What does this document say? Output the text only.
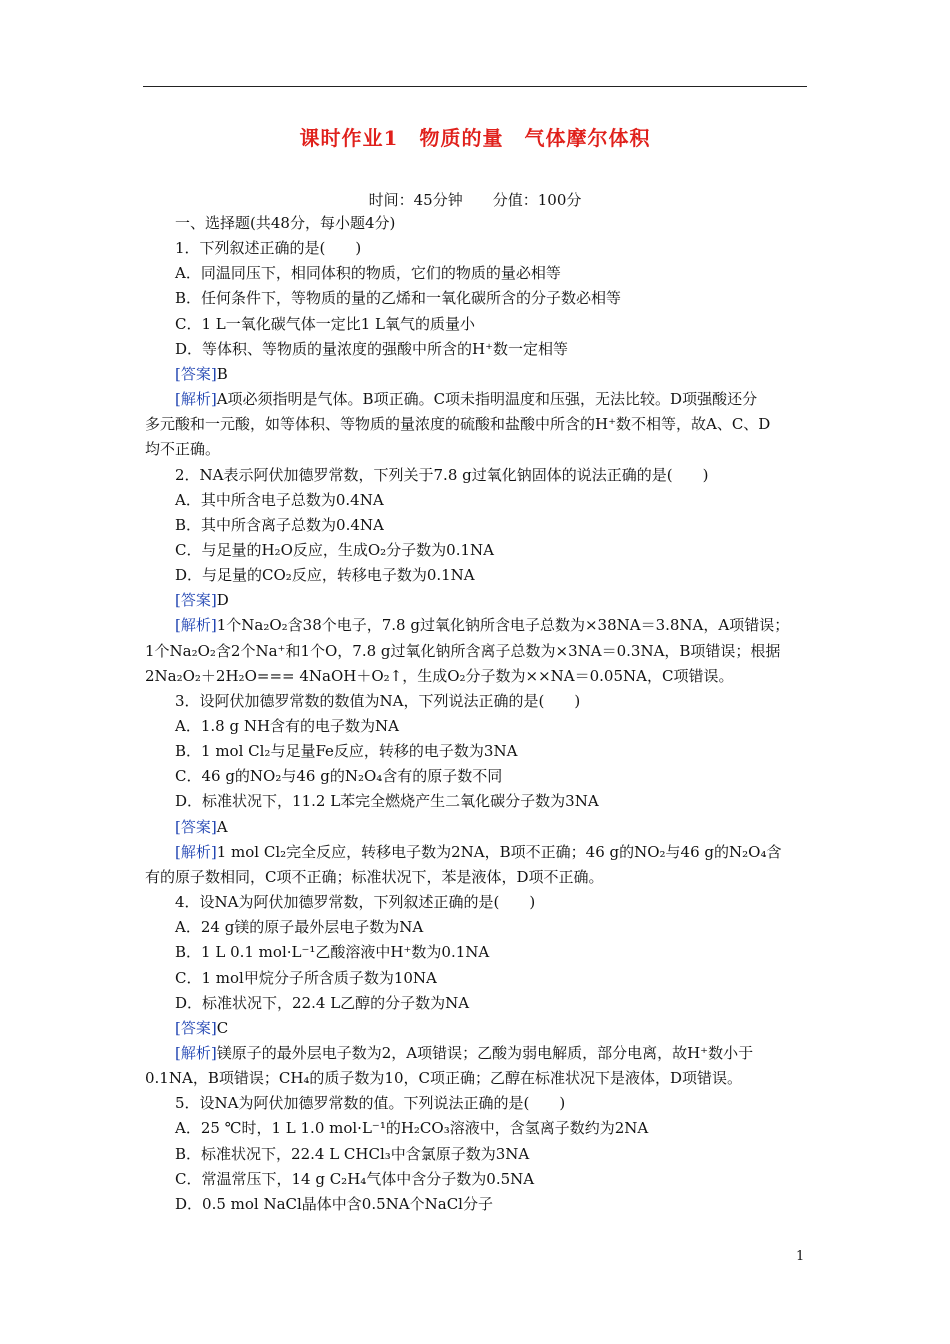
课时作业1　物质的量　气体摩尔体积
时间：45分钟　　分值：100分
一、选择题(共48分，每小题4分)
1．下列叙述正确的是(　　)
A．同温同压下，相同体积的物质，它们的物质的量必相等
B．任何条件下，等物质的量的乙烯和一氧化碳所含的分子数必相等
C．1 L一氧化碳气体一定比1 L氧气的质量小
D．等体积、等物质的量浓度的强酸中所含的H⁺数一定相等
[答案]B
[解析]A项必须指明是气体。B项正确。C项未指明温度和压强，无法比较。D项强酸还分
多元酸和一元酸，如等体积、等物质的量浓度的硫酸和盐酸中所含的H⁺数不相等，故A、C、D
均不正确。
2．NA表示阿伏加德罗常数，下列关于7.8 g过氧化钠固体的说法正确的是(　　)
A．其中所含电子总数为0.4NA
B．其中所含离子总数为0.4NA
C．与足量的H₂O反应，生成O₂分子数为0.1NA
D．与足量的CO₂反应，转移电子数为0.1NA
[答案]D
[解析]1个Na₂O₂含38个电子，7.8 g过氧化钠所含电子总数为×38NA＝3.8NA，A项错误；
1个Na₂O₂含2个Na⁺和1个O，7.8 g过氧化钠所含离子总数为×3NA＝0.3NA，B项错误；根据
2Na₂O₂＋2H₂O=== 4NaOH＋O₂↑，生成O₂分子数为××NA＝0.05NA，C项错误。
3．设阿伏加德罗常数的数值为NA，下列说法正确的是(　　)
A．1.8 g NH含有的电子数为NA
B．1 mol Cl₂与足量Fe反应，转移的电子数为3NA
C．46 g的NO₂与46 g的N₂O₄含有的原子数不同
D．标准状况下，11.2 L苯完全燃烧产生二氧化碳分子数为3NA
[答案]A
[解析]1 mol Cl₂完全反应，转移电子数为2NA，B项不正确；46 g的NO₂与46 g的N₂O₄含
有的原子数相同，C项不正确；标准状况下，苯是液体，D项不正确。
4．设NA为阿伏加德罗常数，下列叙述正确的是(　　)
A．24 g镁的原子最外层电子数为NA
B．1 L 0.1 mol·L⁻¹乙酸溶液中H⁺数为0.1NA
C．1 mol甲烷分子所含质子数为10NA
D．标准状况下，22.4 L乙醇的分子数为NA
[答案]C
[解析]镁原子的最外层电子数为2，A项错误；乙酸为弱电解质，部分电离，故H⁺数小于
0.1NA，B项错误；CH₄的质子数为10，C项正确；乙醇在标准状况下是液体，D项错误。
5．设NA为阿伏加德罗常数的值。下列说法正确的是(　　)
A．25 ℃时，1 L 1.0 mol·L⁻¹的H₂CO₃溶液中，含氢离子数约为2NA
B．标准状况下，22.4 L CHCl₃中含氯原子数为3NA
C．常温常压下，14 g C₂H₄气体中含分子数为0.5NA
D．0.5 mol NaCl晶体中含0.5NA个NaCl分子
1
